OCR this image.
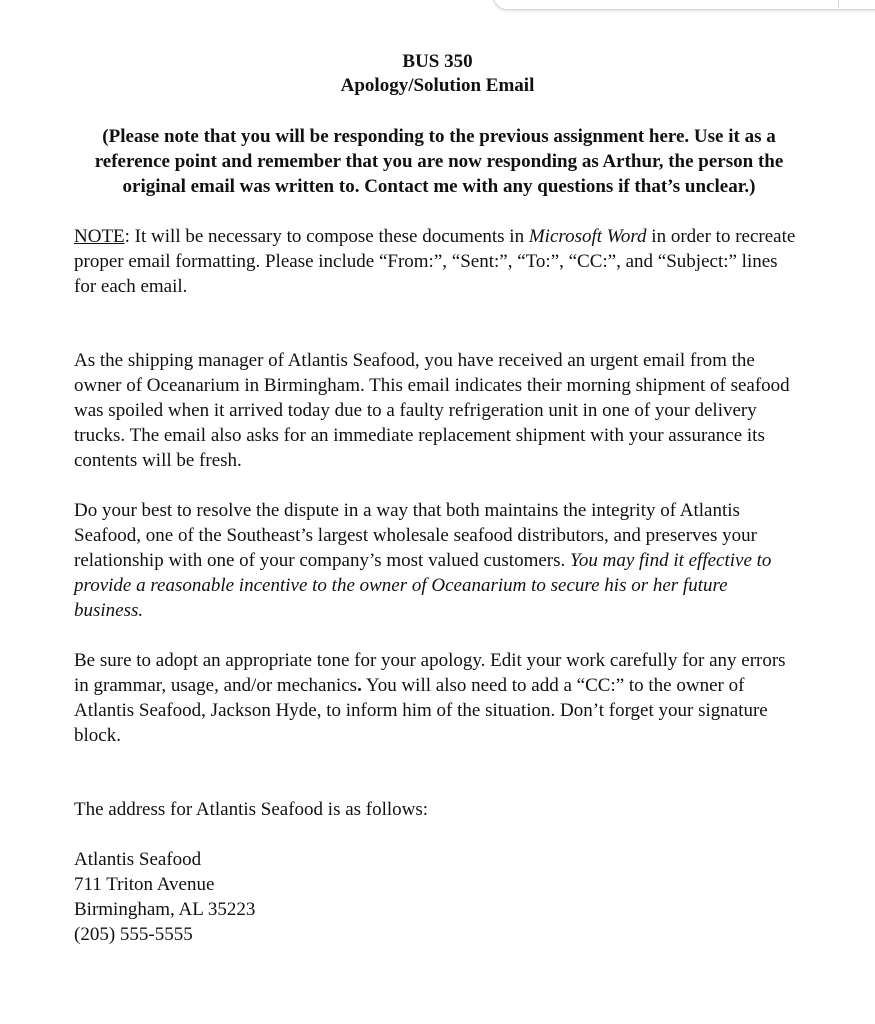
BUS 350
Apology/Solution Email
(Please note that you will be responding to the previous assignment here. Use it as a reference point and remember that you are now responding as Arthur, the person the original email was written to. Contact me with any questions if that’s unclear.)
NOTE: It will be necessary to compose these documents in Microsoft Word in order to recreate proper email formatting. Please include “From:”, “Sent:”, “To:”, “CC:”, and “Subject:” lines for each email.
As the shipping manager of Atlantis Seafood, you have received an urgent email from the owner of Oceanarium in Birmingham. This email indicates their morning shipment of seafood was spoiled when it arrived today due to a faulty refrigeration unit in one of your delivery trucks. The email also asks for an immediate replacement shipment with your assurance its contents will be fresh.
Do your best to resolve the dispute in a way that both maintains the integrity of Atlantis Seafood, one of the Southeast’s largest wholesale seafood distributors, and preserves your relationship with one of your company’s most valued customers. You may find it effective to provide a reasonable incentive to the owner of Oceanarium to secure his or her future business.
Be sure to adopt an appropriate tone for your apology. Edit your work carefully for any errors in grammar, usage, and/or mechanics. You will also need to add a “CC:” to the owner of Atlantis Seafood, Jackson Hyde, to inform him of the situation. Don’t forget your signature block.
The address for Atlantis Seafood is as follows:
Atlantis Seafood
711 Triton Avenue
Birmingham, AL 35223
(205) 555-5555
